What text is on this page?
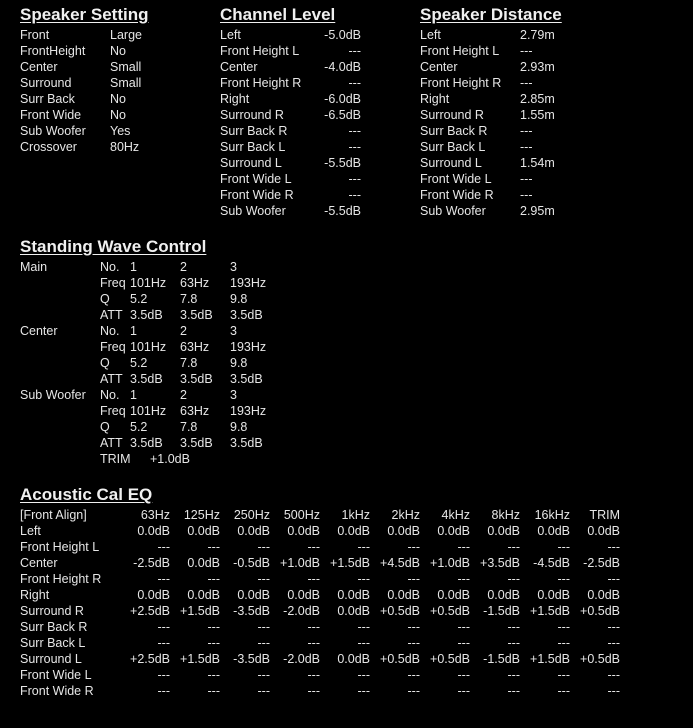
Speaker Setting	Channel Level	Speaker Distance
Standing Wave Control
Acoustic Cal EQ
Front	Large
FrontHeight No
Center	Small
Surround	Small
Surr Back	No
Front Wide No
Sub Woofer Yes
Crossover	80Hz
Left	-5.0dB
Front Height L	---
Center	-4.0dB
Front Height R	---
Right	-6.0dB
Surround R	-6.5dB
Surr Back R	---
Surr Back L	---
Surround L	-5.5dB
Front Wide L	---
Front Wide R	---
Sub Woofer	-5.5dB
Left	2.79m
Front Height L ---
Center	2.93m
Front Height R ---
Right	2.85m
Surround R	1.55m
Surr Back R	---
Surr Back L	---
Surround L	1.54m
Front Wide L ---
Front Wide R ---
Sub Woofer	2.95m
Main	No. 1	2	3
Freq 101Hz 63Hz 193Hz
Q 5.2	7.8	9.8
ATT 3.5dB 3.5dB 3.5dB
Center	No. 1	2	3
Freq 101Hz 63Hz 193Hz
Q 5.2	7.8	9.8
ATT 3.5dB 3.5dB 3.5dB
Sub Woofer No. 1	2	3
Freq 101Hz 63Hz 193Hz
Q 5.2	7.8	9.8
ATT 3.5dB 3.5dB 3.5dB
TRIM +1.0dB
[Front Align]	63Hz 125Hz 250Hz 500Hz 1kHz 2kHz 4kHz 8kHz 16kHz TRIM
Left	0.0dB 0.0dB 0.0dB 0.0dB 0.0dB 0.0dB 0.0dB 0.0dB 0.0dB 0.0dB
Front Height L	---	---	---	---	---	---	---	---	---	---
Center	-2.5dB 0.0dB -0.5dB +1.0dB +1.5dB +4.5dB +1.0dB +3.5dB -4.5dB -2.5dB
Front Height R	---	---	---	---	---	---	---	---	---	---
Right	0.0dB 0.0dB 0.0dB 0.0dB 0.0dB 0.0dB 0.0dB 0.0dB 0.0dB 0.0dB
Surround R	+2.5dB +1.5dB -3.5dB -2.0dB 0.0dB +0.5dB +0.5dB -1.5dB +1.5dB +0.5dB
Surr Back R	---	---	---	---	---	---	---	---	---	---
Surr Back L	---	---	---	---	---	---	---	---	---	---
Surround L	+2.5dB +1.5dB -3.5dB -2.0dB 0.0dB +0.5dB +0.5dB -1.5dB +1.5dB +0.5dB
Front Wide L	---	---	---	---	---	---	---	---	---	---
Front Wide R	---	---	---	---	---	---	---	---	---	---
